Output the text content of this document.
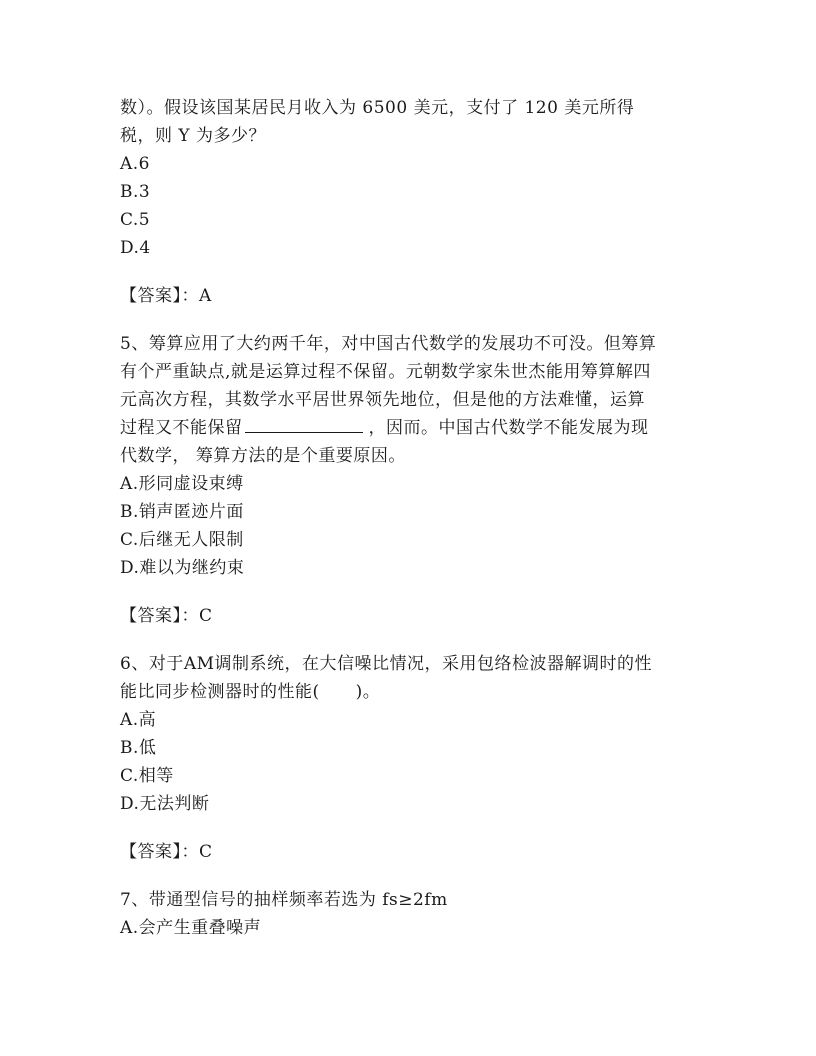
数）。假设该国某居民月收入为 6500 美元，支付了 120 美元所得
税，则 Y 为多少？
A.6
B.3
C.5
D.4
【答案】：A
5、筹算应用了大约两千年，对中国古代数学的发展功不可没。但筹算
有个严重缺点,就是运算过程不保留。元朝数学家朱世杰能用筹算解四
元高次方程，其数学水平居世界领先地位，但是他的方法难懂，运算
过程又不能保留	，因而。中国古代数学不能发展为现
代数学， 筹算方法的是个重要原因。
A.形同虚设束缚
B.销声匿迹片面
C.后继无人限制
D.难以为继约束
【答案】：C
6、对于AM调制系统，在大信噪比情况，采用包络检波器解调时的性
能比同步检测器时的性能( )。
A.高
B.低
C.相等
D.无法判断
【答案】：C
7、带通型信号的抽样频率若选为 fs≥2fm
A.会产生重叠噪声
